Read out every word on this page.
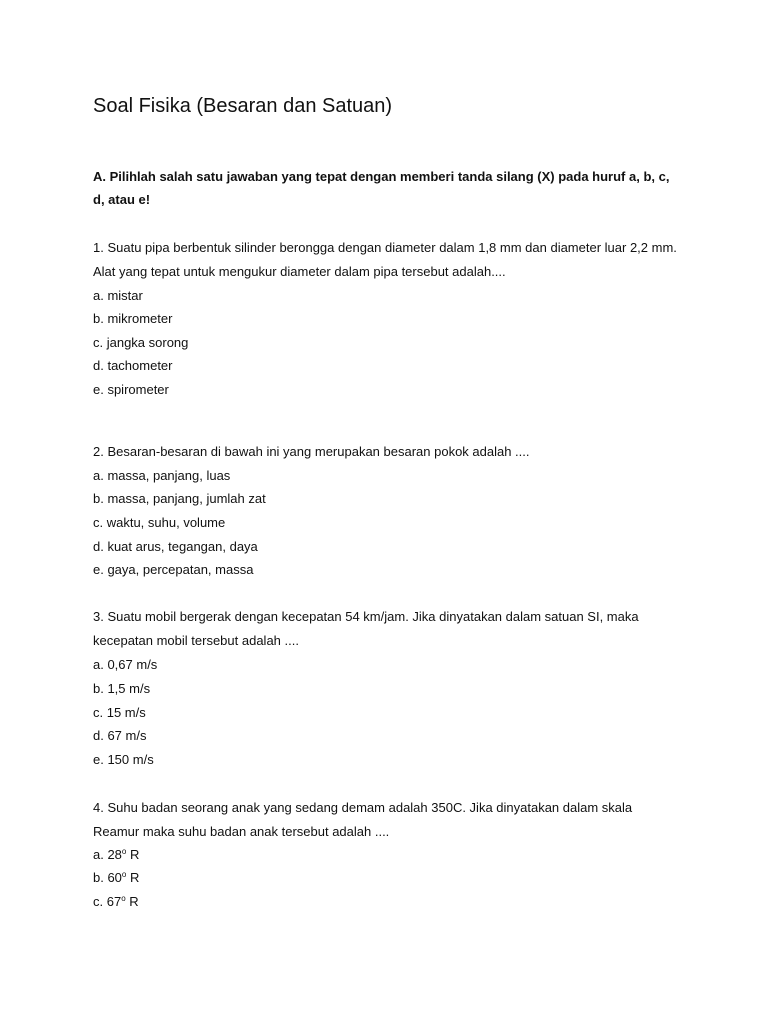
Soal Fisika (Besaran dan Satuan)
A. Pilihlah salah satu jawaban yang tepat dengan memberi tanda silang (X) pada huruf a, b, c,
d, atau e!
1. Suatu pipa berbentuk silinder berongga dengan diameter dalam 1,8 mm dan diameter luar 2,2 mm.
Alat yang tepat untuk mengukur diameter dalam pipa tersebut adalah....
a. mistar
b. mikrometer
c. jangka sorong
d. tachometer
e. spirometer
2. Besaran-besaran di bawah ini yang merupakan besaran pokok adalah ....
a. massa, panjang, luas
b. massa, panjang, jumlah zat
c. waktu, suhu, volume
d. kuat arus, tegangan, daya
e. gaya, percepatan, massa
3. Suatu mobil bergerak dengan kecepatan 54 km/jam. Jika dinyatakan dalam satuan SI, maka
kecepatan mobil tersebut adalah ....
a. 0,67 m/s
b. 1,5 m/s
c. 15 m/s
d. 67 m/s
e. 150 m/s
4. Suhu badan seorang anak yang sedang demam adalah 350C. Jika dinyatakan dalam skala
Reamur maka suhu badan anak tersebut adalah ....
a. 28$^o$ R
b. 60$^o$ R
c. 67$^o$ R
